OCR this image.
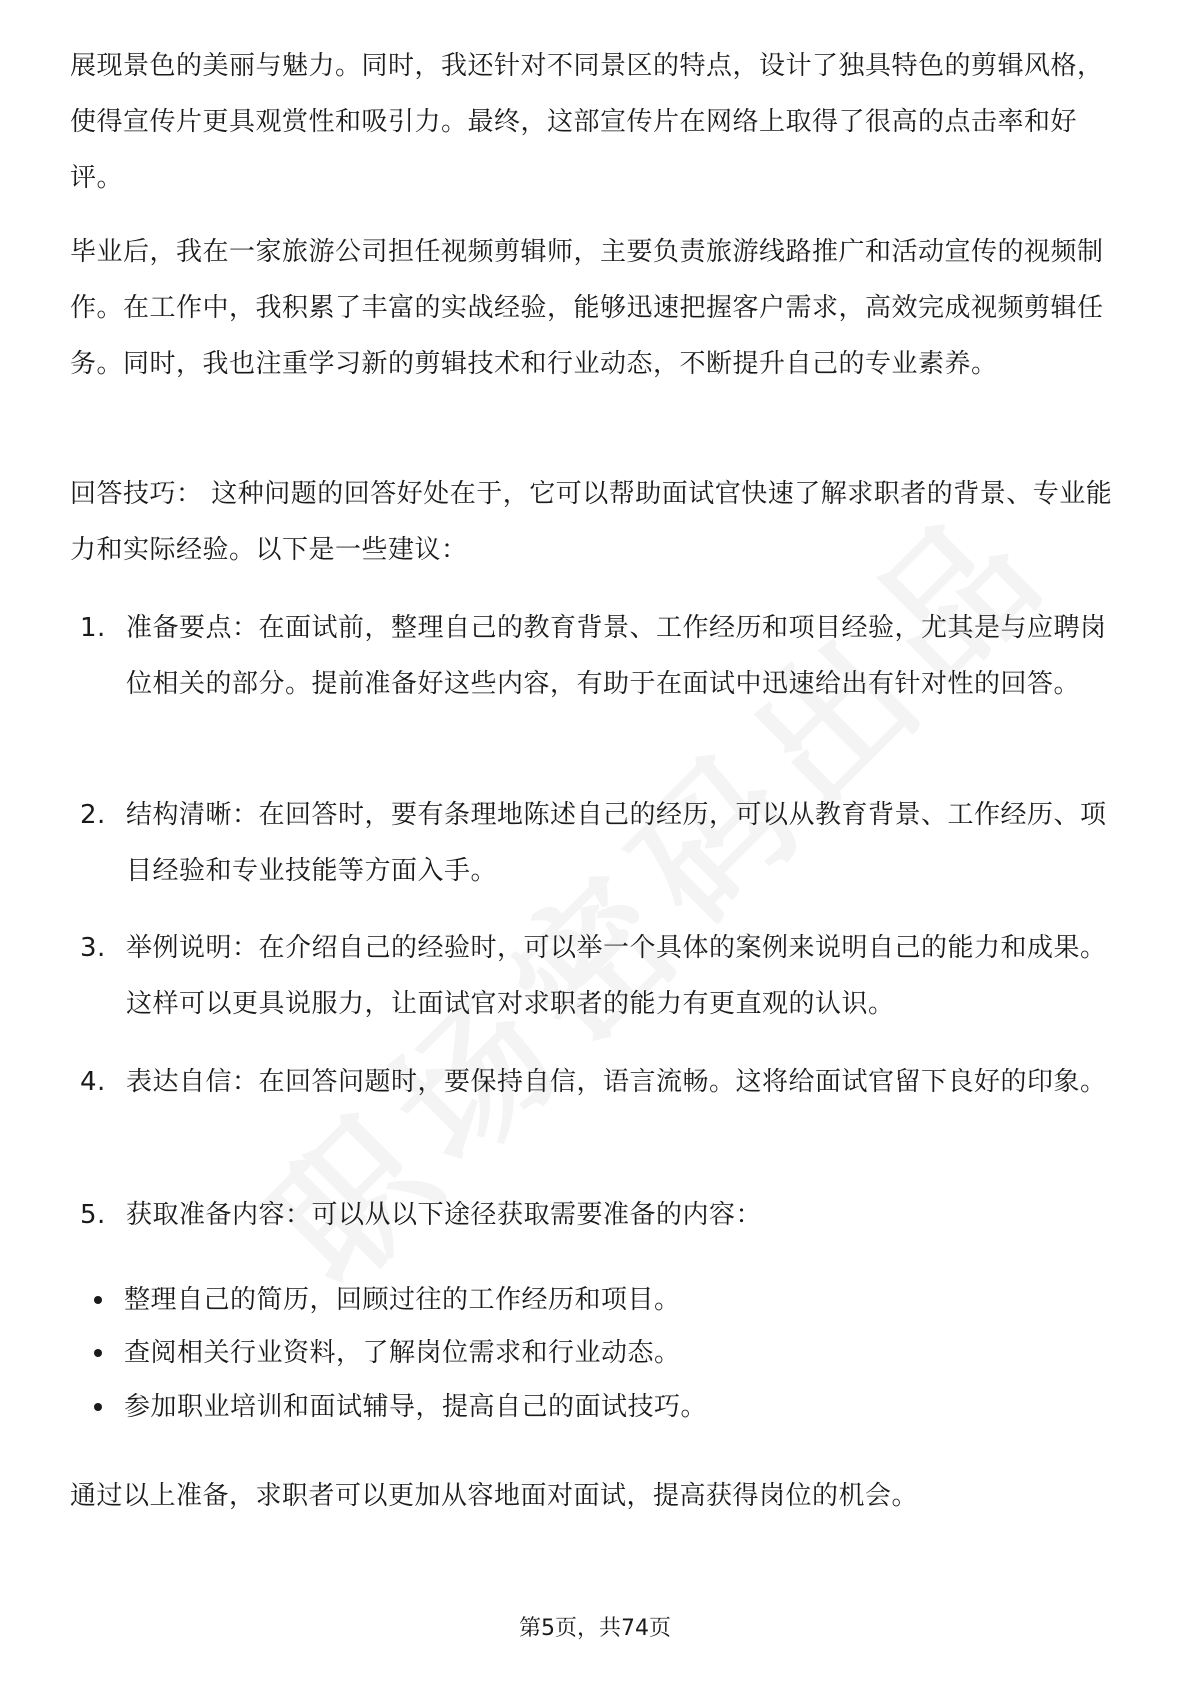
展现景色的美丽与魅力。同时，我还针对不同景区的特点，设计了独具特色的剪辑风格，使得宣传片更具观赏性和吸引力。最终，这部宣传片在网络上取得了很高的点击率和好评。

毕业后，我在一家旅游公司担任视频剪辑师，主要负责旅游线路推广和活动宣传的视频制作。在工作中，我积累了丰富的实战经验，能够迅速把握客户需求，高效完成视频剪辑任务。同时，我也注重学习新的剪辑技术和行业动态，不断提升自己的专业素养。

回答技巧： 这种问题的回答好处在于，它可以帮助面试官快速了解求职者的背景、专业能力和实际经验。以下是一些建议：

1. 准备要点：在面试前，整理自己的教育背景、工作经历和项目经验，尤其是与应聘岗位相关的部分。提前准备好这些内容，有助于在面试中迅速给出有针对性的回答。
2. 结构清晰：在回答时，要有条理地陈述自己的经历，可以从教育背景、工作经历、项目经验和专业技能等方面入手。
3. 举例说明：在介绍自己的经验时，可以举一个具体的案例来说明自己的能力和成果。这样可以更具说服力，让面试官对求职者的能力有更直观的认识。
4. 表达自信：在回答问题时，要保持自信，语言流畅。这将给面试官留下良好的印象。
5. 获取准备内容：可以从以下途径获取需要准备的内容：
整理自己的简历，回顾过往的工作经历和项目。
查阅相关行业资料，了解岗位需求和行业动态。
参加职业培训和面试辅导，提高自己的面试技巧。

通过以上准备，求职者可以更加从容地面对面试，提高获得岗位的机会。

第5页，共74页
